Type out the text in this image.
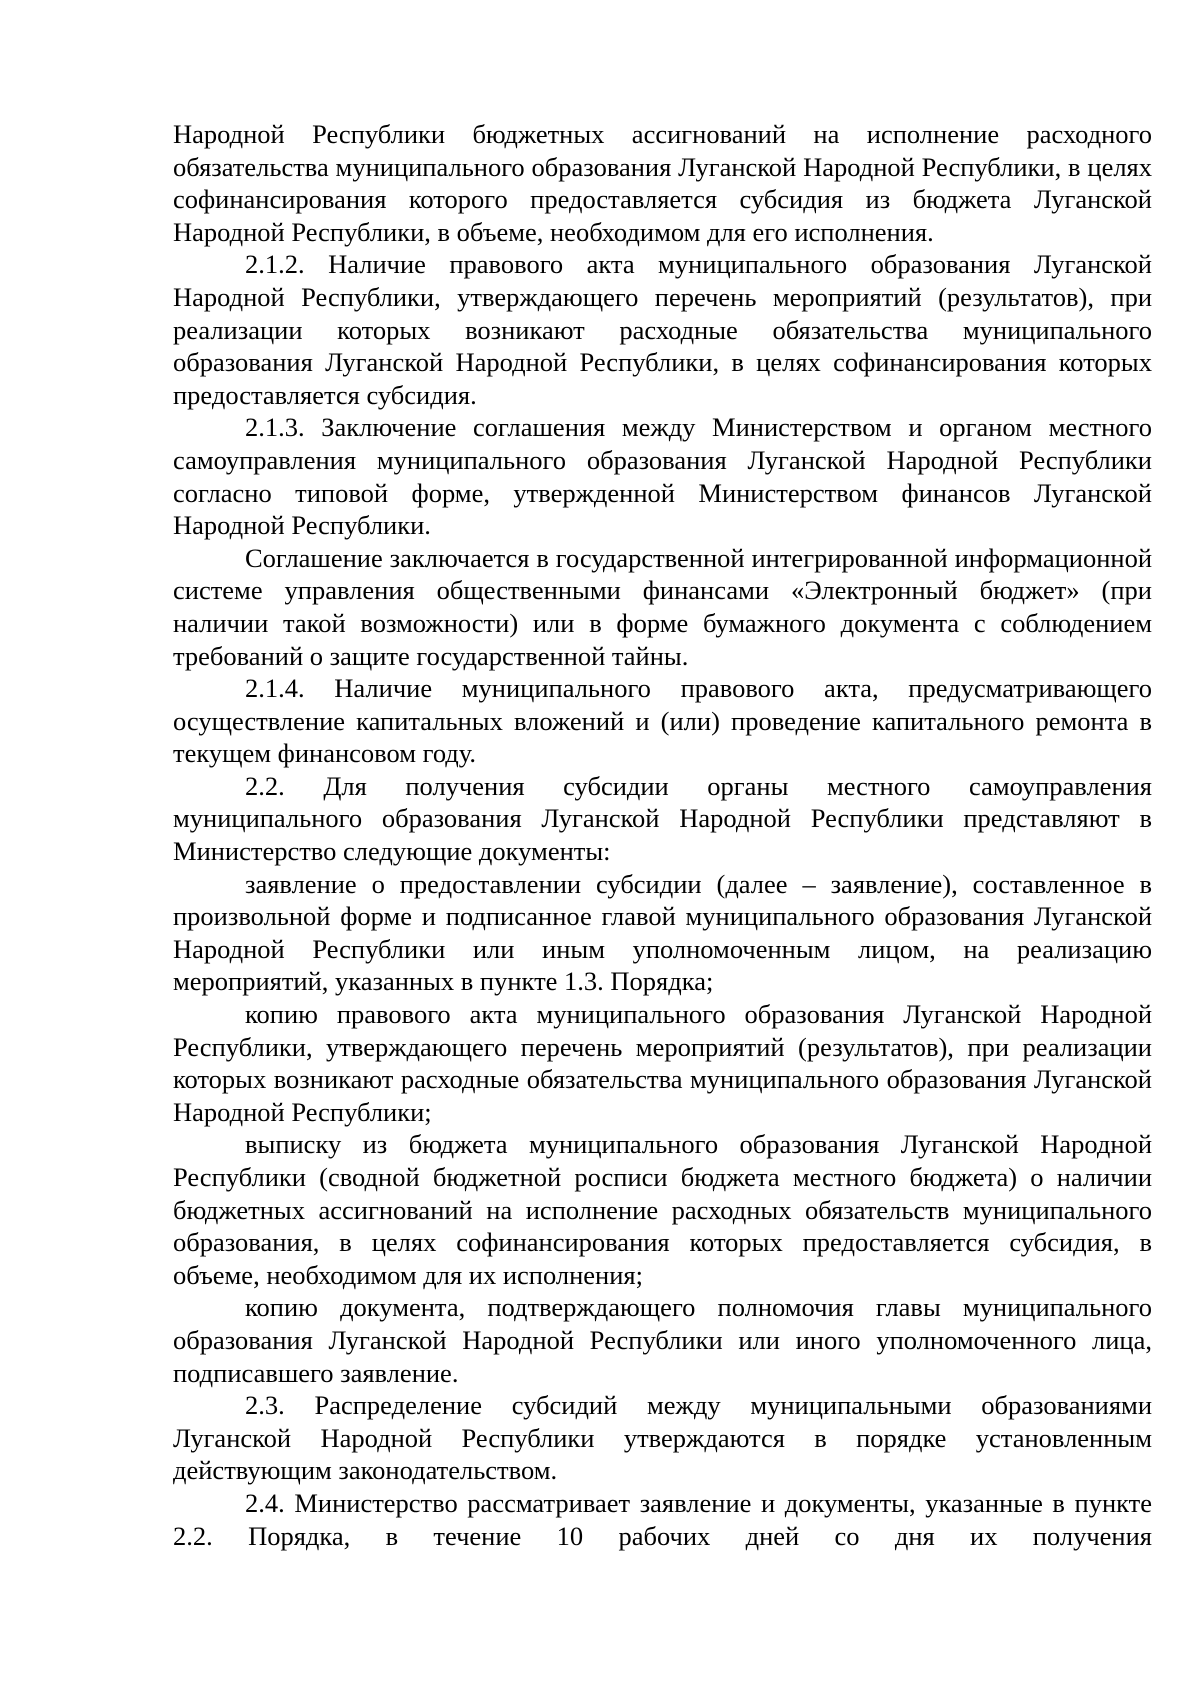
Народной Республики бюджетных ассигнований на исполнение расходного обязательства муниципального образования Луганской Народной Республики, в целях софинансирования которого предоставляется субсидия из бюджета Луганской Народной Республики, в объеме, необходимом для его исполнения.

2.1.2. Наличие правового акта муниципального образования Луганской Народной Республики, утверждающего перечень мероприятий (результатов), при реализации которых возникают расходные обязательства муниципального образования Луганской Народной Республики, в целях софинансирования которых предоставляется субсидия.

2.1.3. Заключение соглашения между Министерством и органом местного самоуправления муниципального образования Луганской Народной Республики согласно типовой форме, утвержденной Министерством финансов Луганской Народной Республики.

Соглашение заключается в государственной интегрированной информационной системе управления общественными финансами «Электронный бюджет» (при наличии такой возможности) или в форме бумажного документа с соблюдением требований о защите государственной тайны.

2.1.4. Наличие муниципального правового акта, предусматривающего осуществление капитальных вложений и (или) проведение капитального ремонта в текущем финансовом году.

2.2. Для получения субсидии органы местного самоуправления муниципального образования Луганской Народной Республики представляют в Министерство следующие документы:

заявление о предоставлении субсидии (далее – заявление), составленное в произвольной форме и подписанное главой муниципального образования Луганской Народной Республики или иным уполномоченным лицом, на реализацию мероприятий, указанных в пункте 1.3. Порядка;

копию правового акта муниципального образования Луганской Народной Республики, утверждающего перечень мероприятий (результатов), при реализации которых возникают расходные обязательства муниципального образования Луганской Народной Республики;

выписку из бюджета муниципального образования Луганской Народной Республики (сводной бюджетной росписи бюджета местного бюджета) о наличии бюджетных ассигнований на исполнение расходных обязательств муниципального образования, в целях софинансирования которых предоставляется субсидия, в объеме, необходимом для их исполнения;

копию документа, подтверждающего полномочия главы муниципального образования Луганской Народной Республики или иного уполномоченного лица, подписавшего заявление.

2.3. Распределение субсидий между муниципальными образованиями Луганской Народной Республики утверждаются в порядке установленным действующим законодательством.

2.4. Министерство рассматривает заявление и документы, указанные в пункте 2.2. Порядка, в течение 10 рабочих дней со дня их получения
